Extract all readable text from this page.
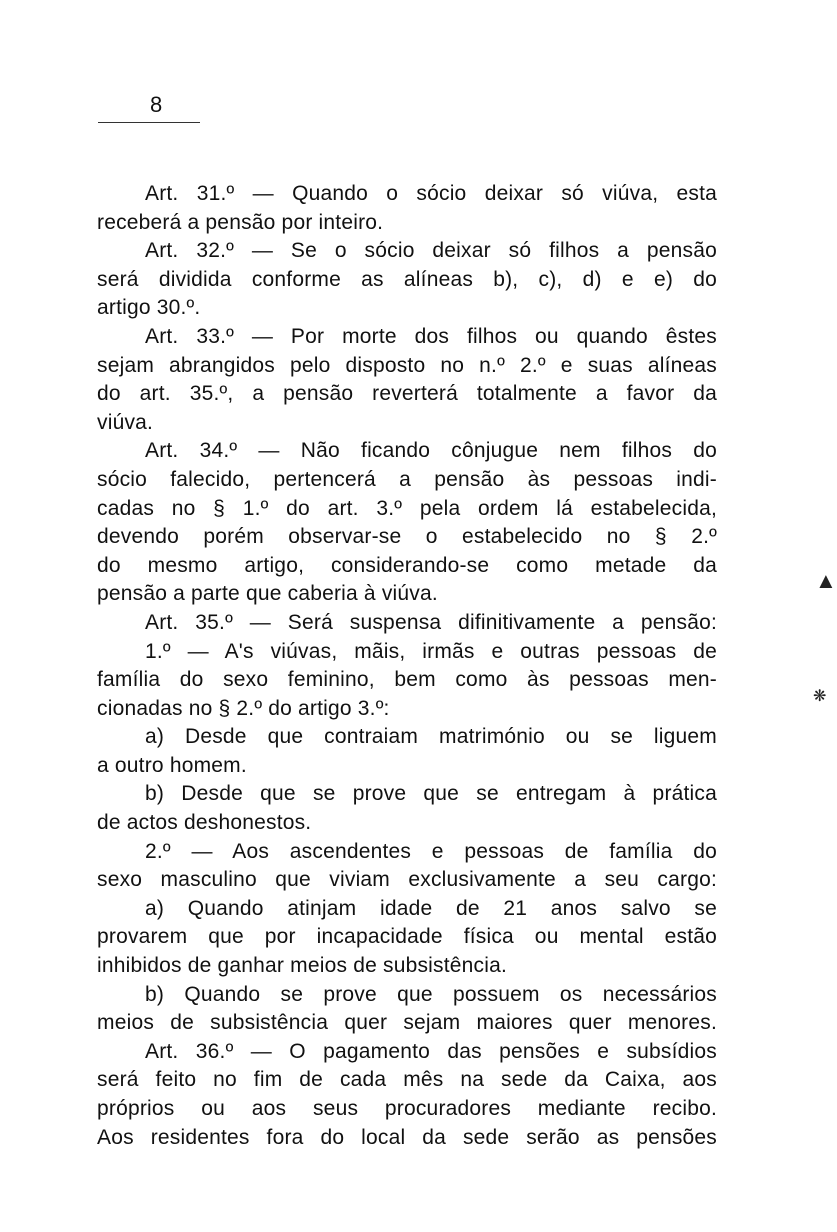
8
Art. 31.º — Quando o sócio deixar só viúva, esta
receberá a pensão por inteiro.
Art. 32.º — Se o sócio deixar só filhos a pensão
será dividida conforme as alíneas b), c), d) e e) do
artigo 30.º.
Art. 33.º — Por morte dos filhos ou quando êstes
sejam abrangidos pelo disposto no n.º 2.º e suas alíneas
do art. 35.º, a pensão reverterá totalmente a favor da
viúva.
Art. 34.º — Não ficando cônjugue nem filhos do
sócio falecido, pertencerá a pensão às pessoas indi-
cadas no § 1.º do art. 3.º pela ordem lá estabelecida,
devendo porém observar-se o estabelecido no § 2.º
do mesmo artigo, considerando-se como metade da
pensão a parte que caberia à viúva.
Art. 35.º — Será suspensa difinitivamente a pensão:
1.º — A's viúvas, mãis, irmãs e outras pessoas de
família do sexo feminino, bem como às pessoas men-
cionadas no § 2.º do artigo 3.º:
a) Desde que contraiam matrimónio ou se liguem
a outro homem.
b) Desde que se prove que se entregam à prática
de actos deshonestos.
2.º — Aos ascendentes e pessoas de família do
sexo masculino que viviam exclusivamente a seu cargo:
a) Quando atinjam idade de 21 anos salvo se
provarem que por incapacidade física ou mental estão
inhibidos de ganhar meios de subsistência.
b) Quando se prove que possuem os necessários
meios de subsistência quer sejam maiores quer menores.
Art. 36.º — O pagamento das pensões e subsídios
será feito no fim de cada mês na sede da Caixa, aos
próprios ou aos seus procuradores mediante recibo.
Aos residentes fora do local da sede serão as pensões
▲
❋
